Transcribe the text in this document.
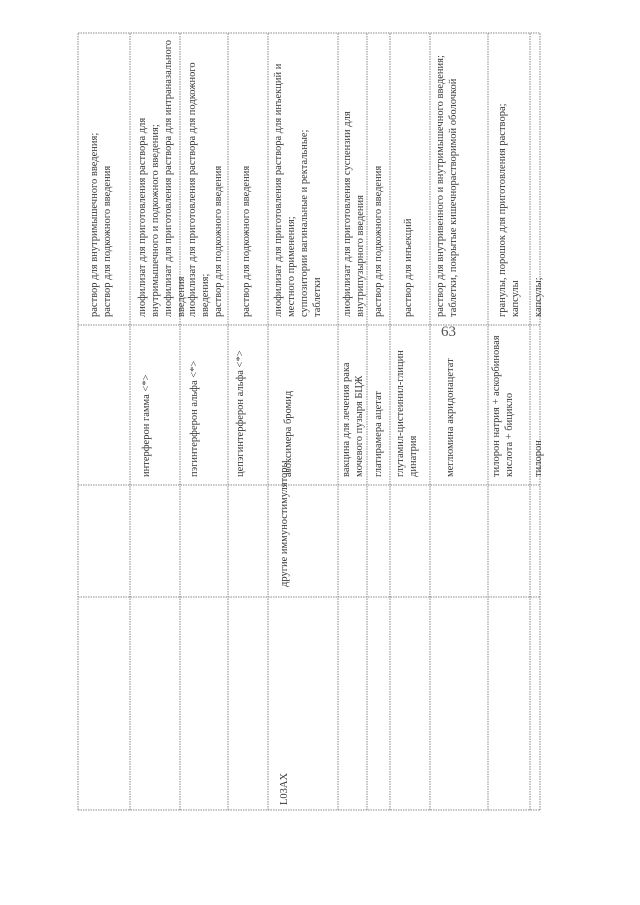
L03AX

другие иммуностимуляторы

раствор для внутримышечного введения; раствор для подкожного введения

интерферон гамма <*>

лиофилизат для приготовления раствора для внутримышечного и подкожного введения; лиофилизат для приготовления раствора для интраназального введения

пэгинтерферон альфа <*>

лиофилизат для приготовления раствора для подкожного введения; раствор для подкожного введения

цепэгинтерферон альфа <*>

раствор для подкожного введения

азоксимера бромид

лиофилизат для приготовления раствора для инъекций и местного применения; суппозитории вагинальные и ректальные; таблетки

вакцина для лечения рака мочевого пузыря БЦЖ

лиофилизат для приготовления суспензии для внутрипузырного введения

глатирамера ацетат

раствор для подкожного введения

глутамил-цистеинил-глицин динатрия

раствор для инъекций

меглюмина акридонацетат

раствор для внутривенного и внутримышечного введения; таблетки, покрытые кишечнорастворимой оболочкой

тилорон натрия + аскорбиновая кислота + бицикло

гранулы, порошок для приготовления раствора; капсулы

тилорон

капсулы;

63
